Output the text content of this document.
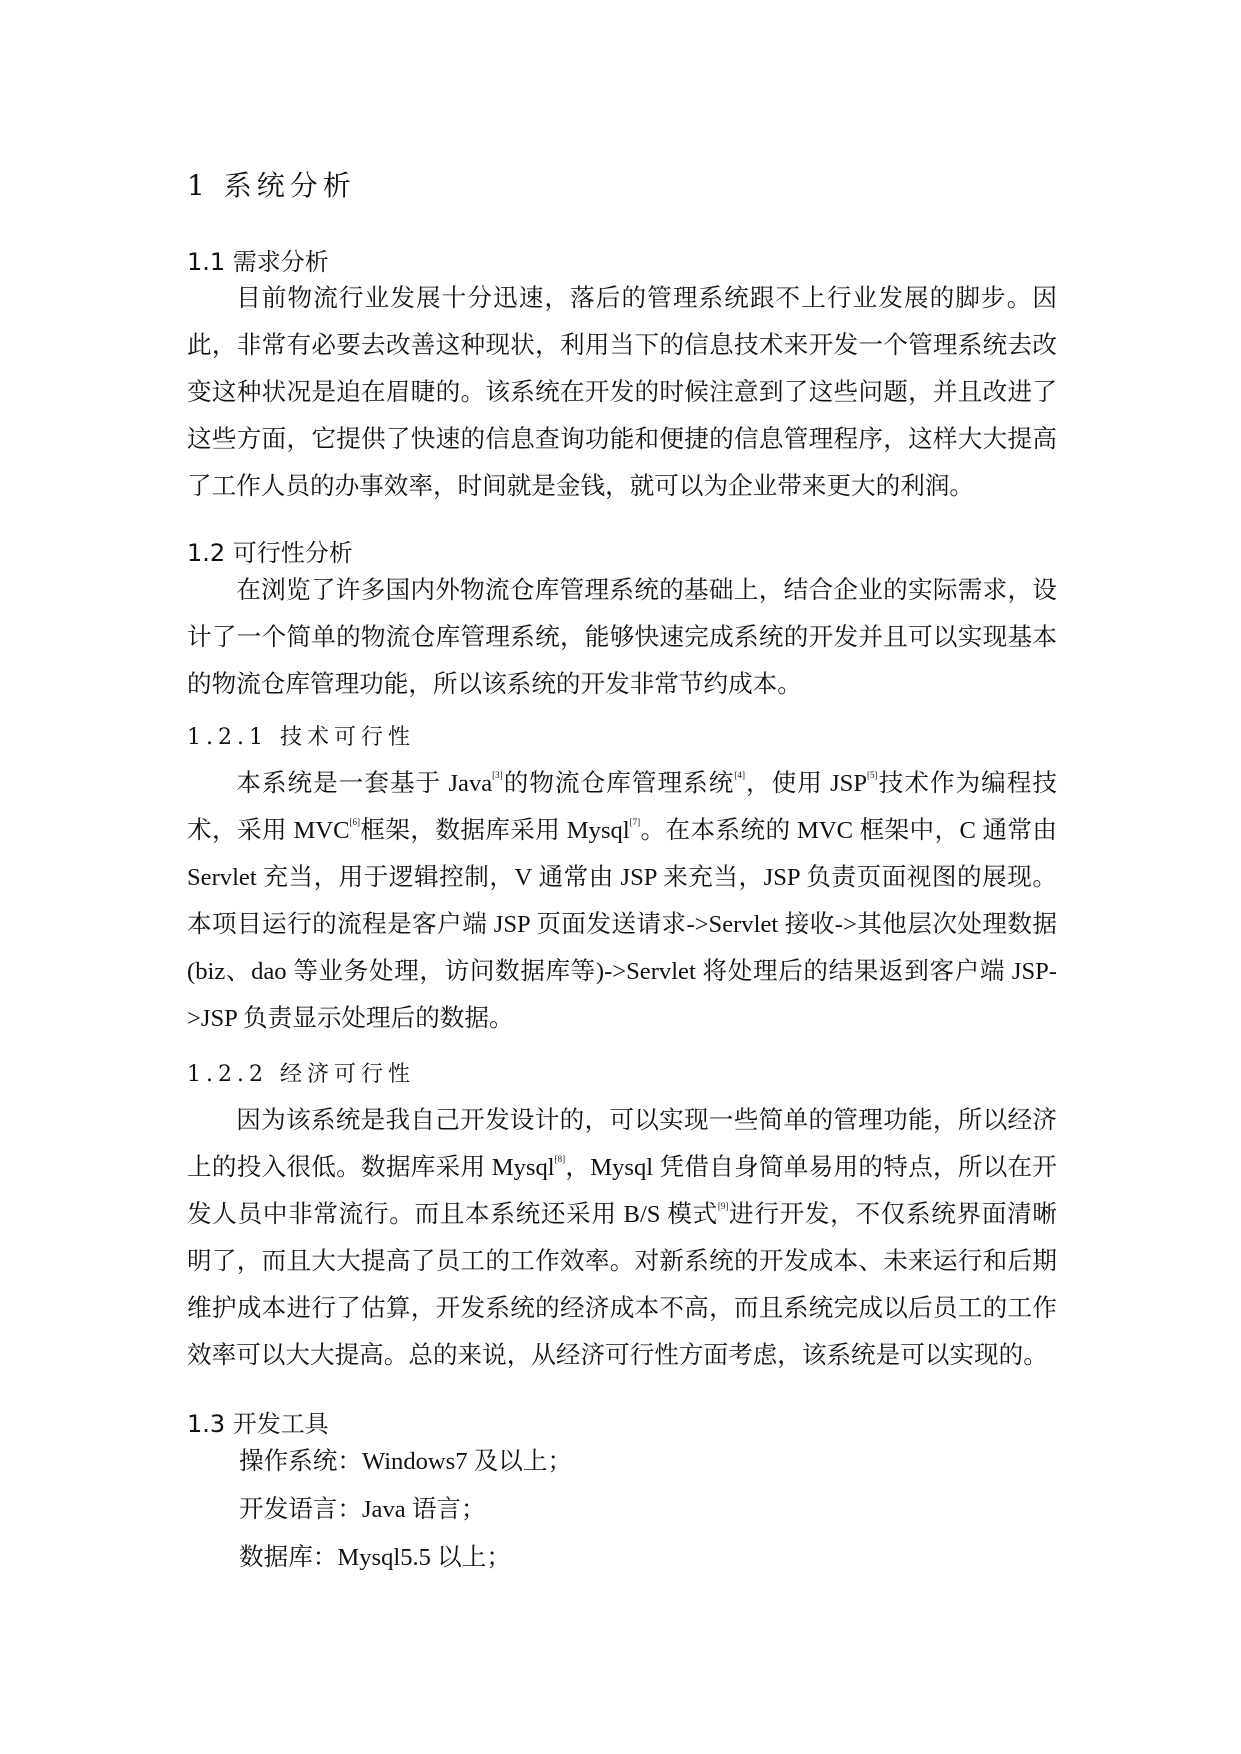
1 系统分析
1.1 需求分析

目前物流行业发展十分迅速，落后的管理系统跟不上行业发展的脚步。因此，非常有必要去改善这种现状，利用当下的信息技术来开发一个管理系统去改变这种状况是迫在眉睫的。该系统在开发的时候注意到了这些问题，并且改进了这些方面，它提供了快速的信息查询功能和便捷的信息管理程序，这样大大提高了工作人员的办事效率，时间就是金钱，就可以为企业带来更大的利润。

1.2 可行性分析

在浏览了许多国内外物流仓库管理系统的基础上，结合企业的实际需求，设计了一个简单的物流仓库管理系统，能够快速完成系统的开发并且可以实现基本的物流仓库管理功能，所以该系统的开发非常节约成本。

1.2.1 技术可行性

本系统是一套基于 Java[3]的物流仓库管理系统[4]，使用 JSP[5]技术作为编程技术，采用 MVC[6]框架，数据库采用 Mysql[7]。在本系统的 MVC 框架中，C 通常由 Servlet 充当，用于逻辑控制，V 通常由 JSP 来充当，JSP 负责页面视图的展现。本项目运行的流程是客户端 JSP 页面发送请求->Servlet 接收->其他层次处理数据(biz、dao 等业务处理，访问数据库等)->Servlet 将处理后的结果返到客户端 JSP->JSP 负责显示处理后的数据。

1.2.2 经济可行性

因为该系统是我自己开发设计的，可以实现一些简单的管理功能，所以经济上的投入很低。数据库采用 Mysql[8]，Mysql 凭借自身简单易用的特点，所以在开发人员中非常流行。而且本系统还采用 B/S 模式[9]进行开发，不仅系统界面清晰明了，而且大大提高了员工的工作效率。对新系统的开发成本、未来运行和后期维护成本进行了估算，开发系统的经济成本不高，而且系统完成以后员工的工作效率可以大大提高。总的来说，从经济可行性方面考虑，该系统是可以实现的。

1.3 开发工具
操作系统：Windows7 及以上；
开发语言：Java 语言；
数据库：Mysql5.5 以上；
